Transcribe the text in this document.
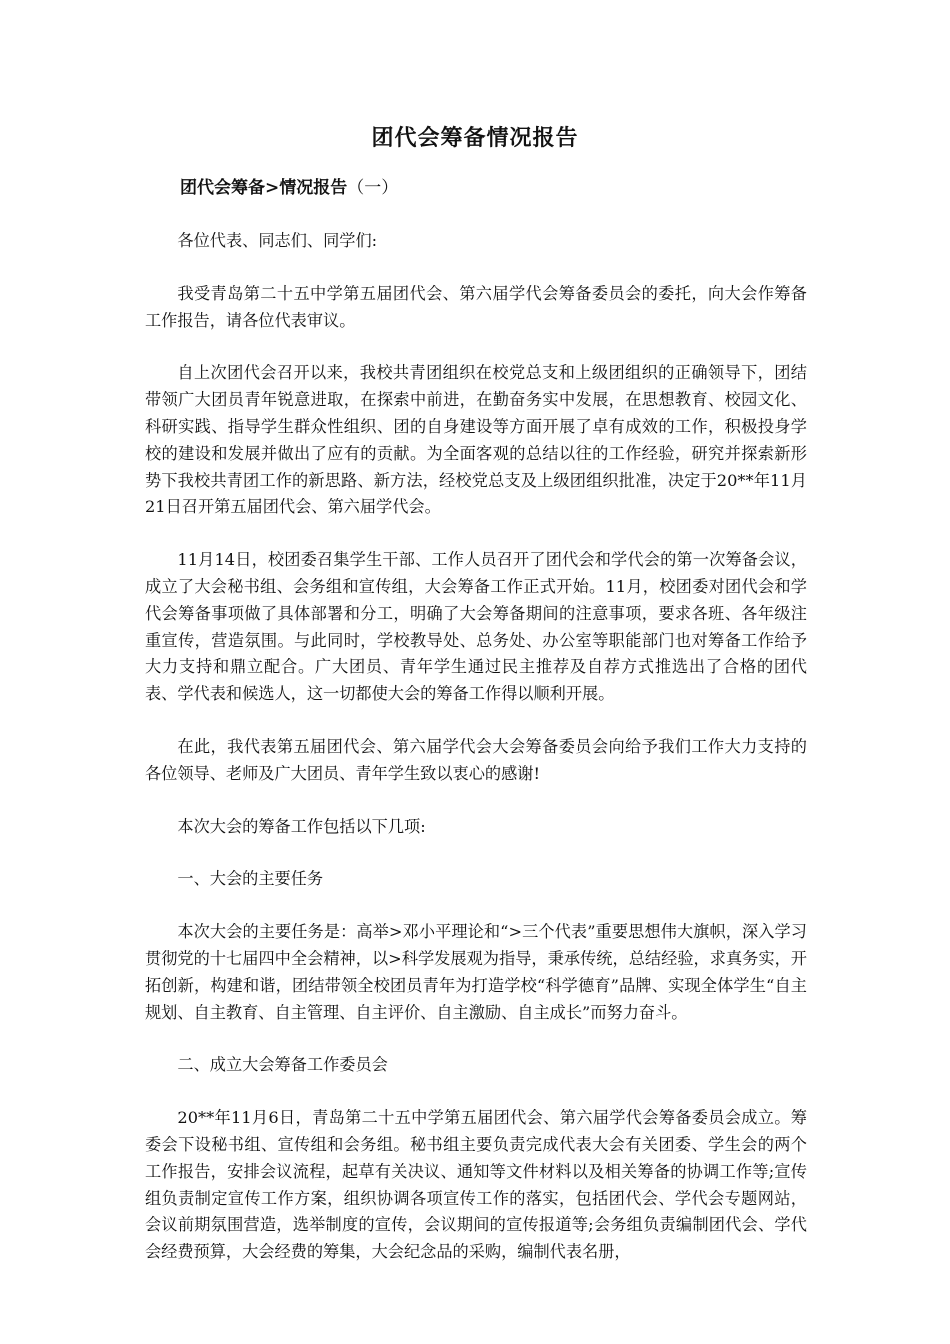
团代会筹备情况报告
团代会筹备>情况报告（一）

各位代表、同志们、同学们:

我受青岛第二十五中学第五届团代会、第六届学代会筹备委员会的委托，向大会作筹备工作报告，请各位代表审议。

自上次团代会召开以来，我校共青团组织在校党总支和上级团组织的正确领导下，团结带领广大团员青年锐意进取，在探索中前进，在勤奋务实中发展，在思想教育、校园文化、科研实践、指导学生群众性组织、团的自身建设等方面开展了卓有成效的工作，积极投身学校的建设和发展并做出了应有的贡献。为全面客观的总结以往的工作经验，研究并探索新形势下我校共青团工作的新思路、新方法，经校党总支及上级团组织批准，决定于20**年11月21日召开第五届团代会、第六届学代会。

11月14日，校团委召集学生干部、工作人员召开了团代会和学代会的第一次筹备会议，成立了大会秘书组、会务组和宣传组，大会筹备工作正式开始。11月，校团委对团代会和学代会筹备事项做了具体部署和分工，明确了大会筹备期间的注意事项，要求各班、各年级注重宣传，营造氛围。与此同时，学校教导处、总务处、办公室等职能部门也对筹备工作给予大力支持和鼎立配合。广大团员、青年学生通过民主推荐及自荐方式推选出了合格的团代表、学代表和候选人，这一切都使大会的筹备工作得以顺利开展。

在此，我代表第五届团代会、第六届学代会大会筹备委员会向给予我们工作大力支持的各位领导、老师及广大团员、青年学生致以衷心的感谢!

本次大会的筹备工作包括以下几项:

一、大会的主要任务

本次大会的主要任务是：高举>邓小平理论和“>三个代表”重要思想伟大旗帜，深入学习贯彻党的十七届四中全会精神，以>科学发展观为指导，秉承传统，总结经验，求真务实，开拓创新，构建和谐，团结带领全校团员青年为打造学校“科学德育”品牌、实现全体学生“自主规划、自主教育、自主管理、自主评价、自主激励、自主成长”而努力奋斗。

二、成立大会筹备工作委员会

20**年11月6日，青岛第二十五中学第五届团代会、第六届学代会筹备委员会成立。筹委会下设秘书组、宣传组和会务组。秘书组主要负责完成代表大会有关团委、学生会的两个工作报告，安排会议流程，起草有关决议、通知等文件材料以及相关筹备的协调工作等;宣传组负责制定宣传工作方案，组织协调各项宣传工作的落实，包括团代会、学代会专题网站，会议前期氛围营造，选举制度的宣传，会议期间的宣传报道等;会务组负责编制团代会、学代会经费预算，大会经费的筹集，大会纪念品的采购，编制代表名册，
